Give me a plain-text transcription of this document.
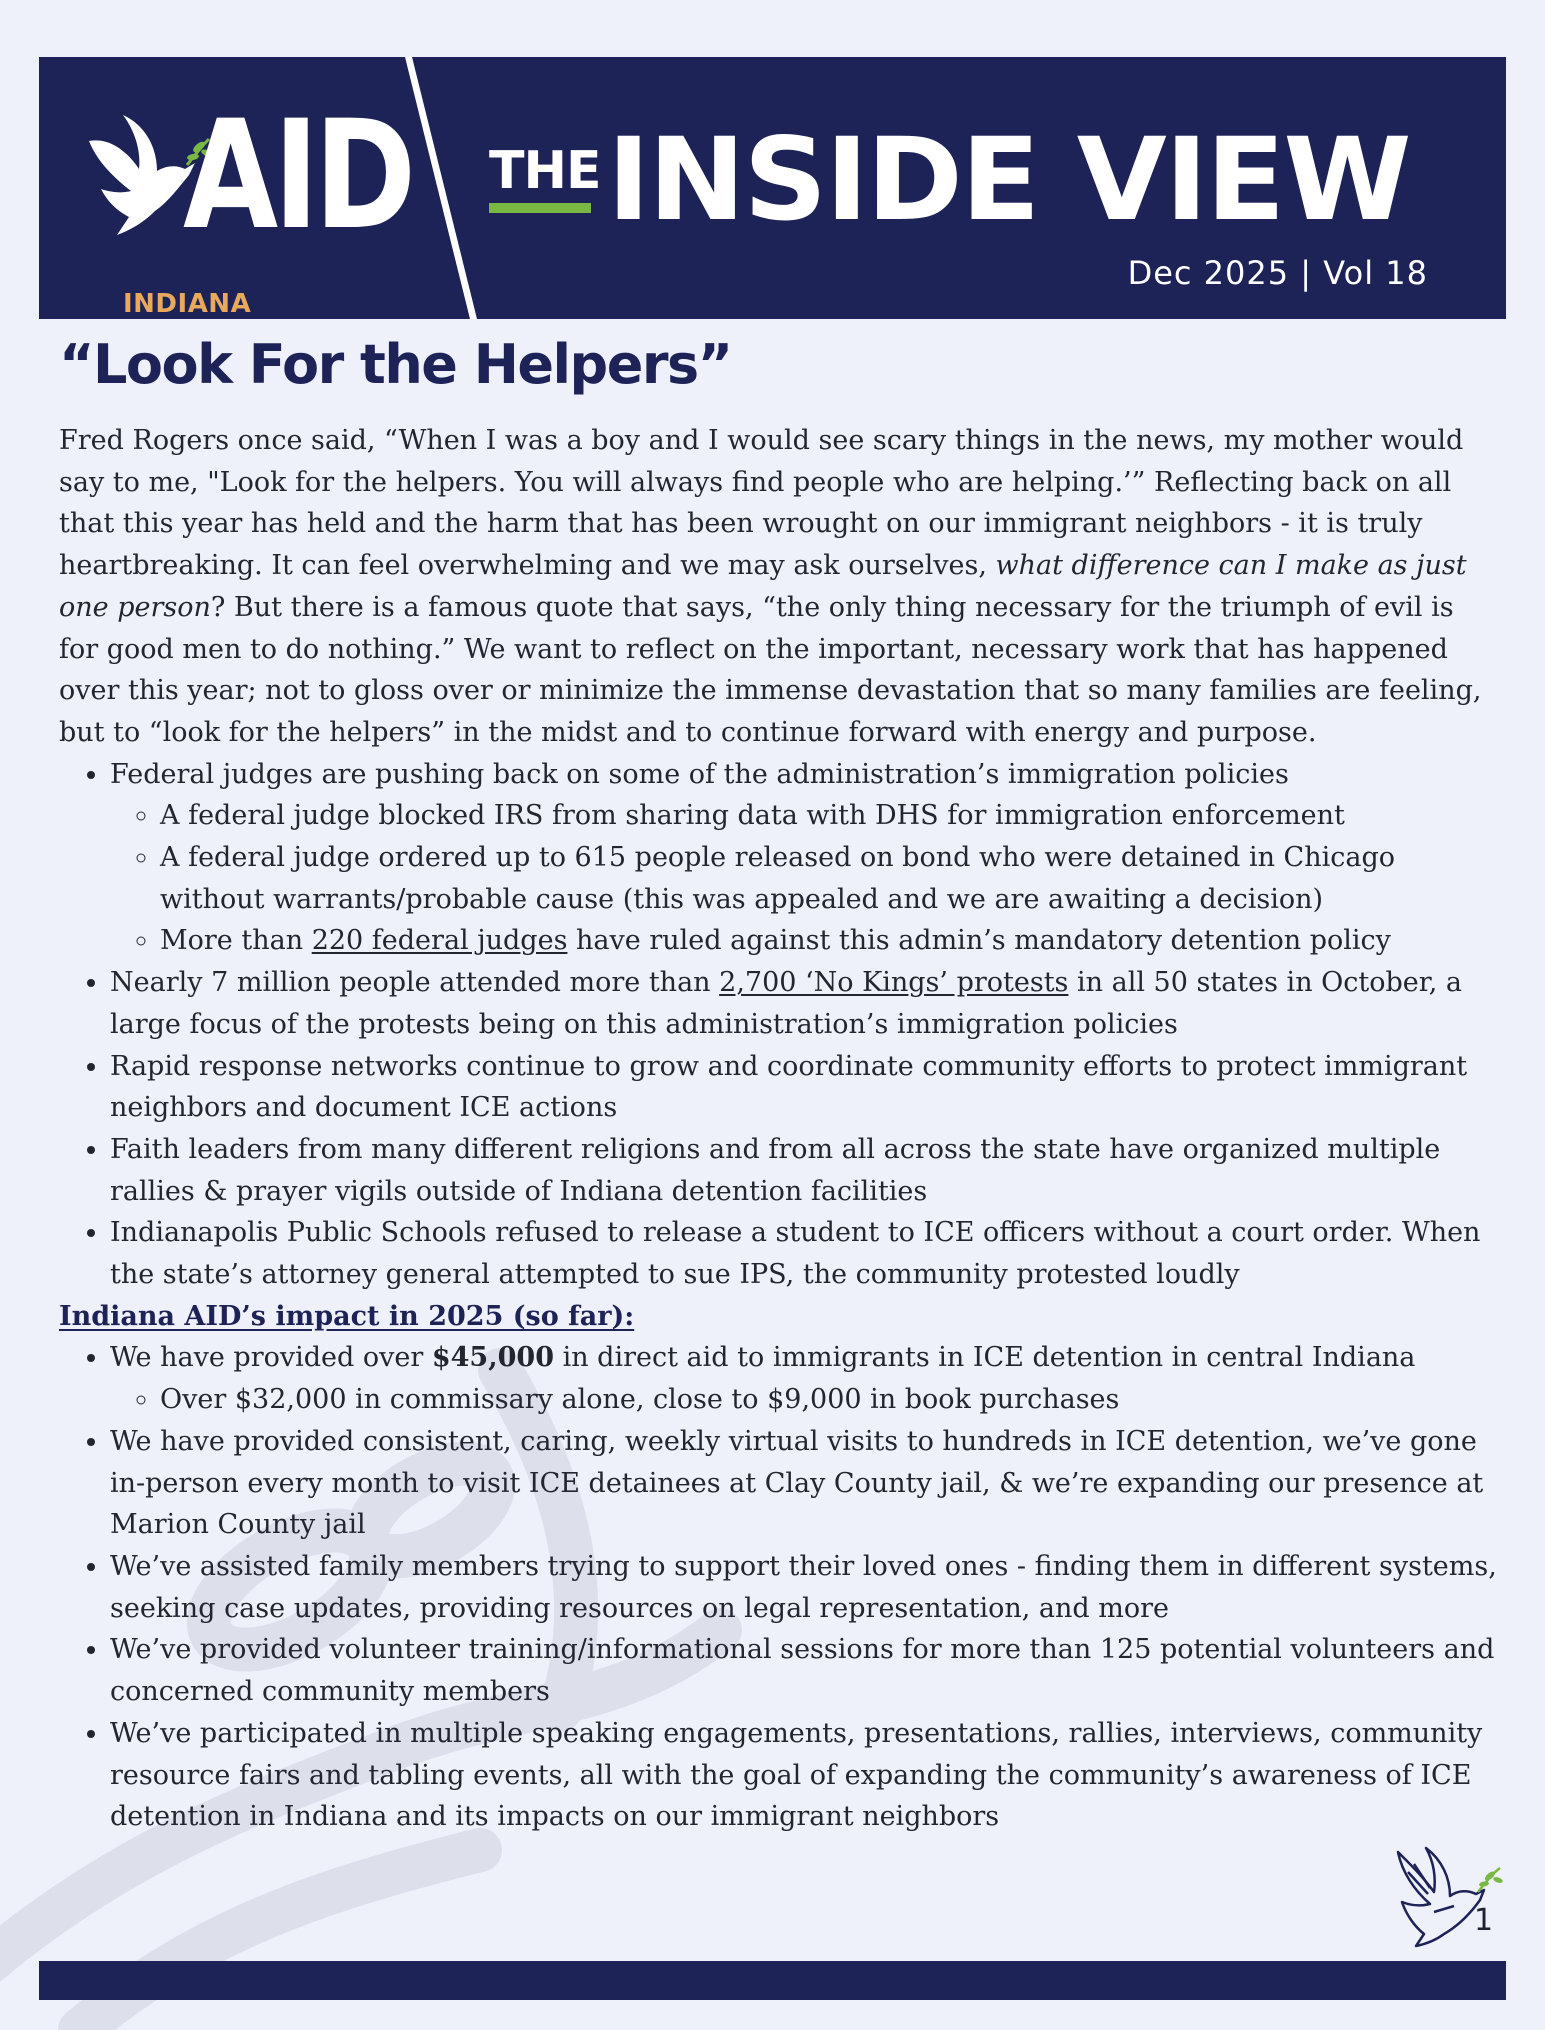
AID
INDIANA
THE INSIDE VIEW
Dec 2025 | Vol 18
“Look For the Helpers”

Fred Rogers once said, “When I was a boy and I would see scary things in the news, my mother would say to me, "Look for the helpers. You will always find people who are helping.’” Reflecting back on all that this year has held and the harm that has been wrought on our immigrant neighbors - it is truly heartbreaking. It can feel overwhelming and we may ask ourselves, what difference can I make as just one person? But there is a famous quote that says, “the only thing necessary for the triumph of evil is for good men to do nothing.” We want to reflect on the important, necessary work that has happened over this year; not to gloss over or minimize the immense devastation that so many families are feeling, but to “look for the helpers” in the midst and to continue forward with energy and purpose.

• Federal judges are pushing back on some of the administration’s immigration policies
◦ A federal judge blocked IRS from sharing data with DHS for immigration enforcement
◦ A federal judge ordered up to 615 people released on bond who were detained in Chicago without warrants/probable cause (this was appealed and we are awaiting a decision)
◦ More than 220 federal judges have ruled against this admin’s mandatory detention policy
• Nearly 7 million people attended more than 2,700 ‘No Kings’ protests in all 50 states in October, a large focus of the protests being on this administration’s immigration policies
• Rapid response networks continue to grow and coordinate community efforts to protect immigrant neighbors and document ICE actions
• Faith leaders from many different religions and from all across the state have organized multiple rallies & prayer vigils outside of Indiana detention facilities
• Indianapolis Public Schools refused to release a student to ICE officers without a court order. When the state’s attorney general attempted to sue IPS, the community protested loudly

Indiana AID’s impact in 2025 (so far):

• We have provided over $45,000 in direct aid to immigrants in ICE detention in central Indiana
◦ Over $32,000 in commissary alone, close to $9,000 in book purchases
• We have provided consistent, caring, weekly virtual visits to hundreds in ICE detention, we’ve gone in-person every month to visit ICE detainees at Clay County jail, & we’re expanding our presence at Marion County jail
• We’ve assisted family members trying to support their loved ones - finding them in different systems, seeking case updates, providing resources on legal representation, and more
• We’ve provided volunteer training/informational sessions for more than 125 potential volunteers and concerned community members
• We’ve participated in multiple speaking engagements, presentations, rallies, interviews, community resource fairs and tabling events, all with the goal of expanding the community’s awareness of ICE detention in Indiana and its impacts on our immigrant neighbors
1
